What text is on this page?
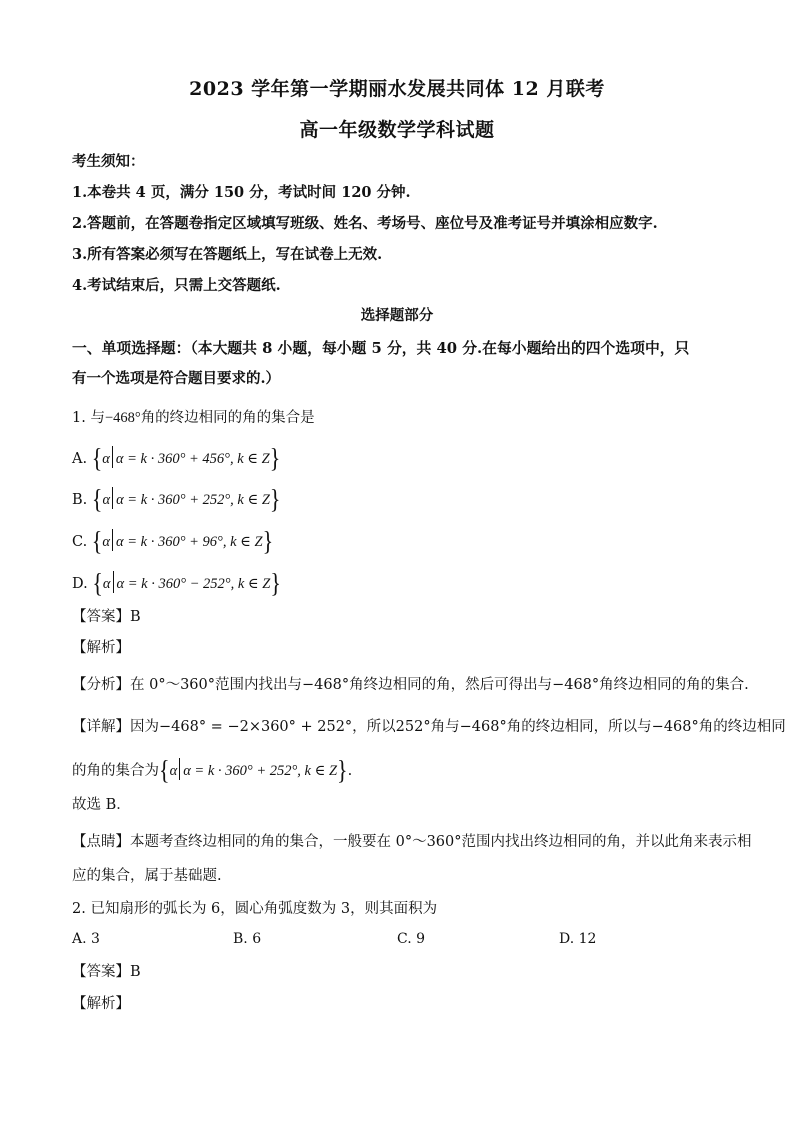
2023 学年第一学期丽水发展共同体 12 月联考
高一年级数学学科试题
考生须知：
1.本卷共 4 页，满分 150 分，考试时间 120 分钟.
2.答题前，在答题卷指定区域填写班级、姓名、考场号、座位号及准考证号并填涂相应数字.
3.所有答案必须写在答题纸上，写在试卷上无效.
4.考试结束后，只需上交答题纸.
选择题部分
一、单项选择题：（本大题共 8 小题，每小题 5 分，共 40 分.在每小题给出的四个选项中，只
有一个选项是符合题目要求的.）
1. 与−468°角的终边相同的角的集合是
A. {α α = k · 360° + 456°, k ∈ Z}
B. {α α = k · 360° + 252°, k ∈ Z}
C. {α α = k · 360° + 96°, k ∈ Z}
D. {α α = k · 360° − 252°, k ∈ Z}
【答案】B
【解析】
【分析】在 0°～360°范围内找出与−468°角终边相同的角，然后可得出与−468°角终边相同的角的集合.
【详解】因为−468° = −2×360° + 252°，所以252°角与−468°角的终边相同，所以与−468°角的终边相同
的角的集合为{α α = k · 360° + 252°, k ∈ Z}.
故选 B．
【点睛】本题考查终边相同的角的集合，一般要在 0°～360°范围内找出终边相同的角，并以此角来表示相
应的集合，属于基础题.
2. 已知扇形的弧长为 6，圆心角弧度数为 3，则其面积为
A. 3	B. 6	C. 9	D. 12
【答案】B
【解析】
